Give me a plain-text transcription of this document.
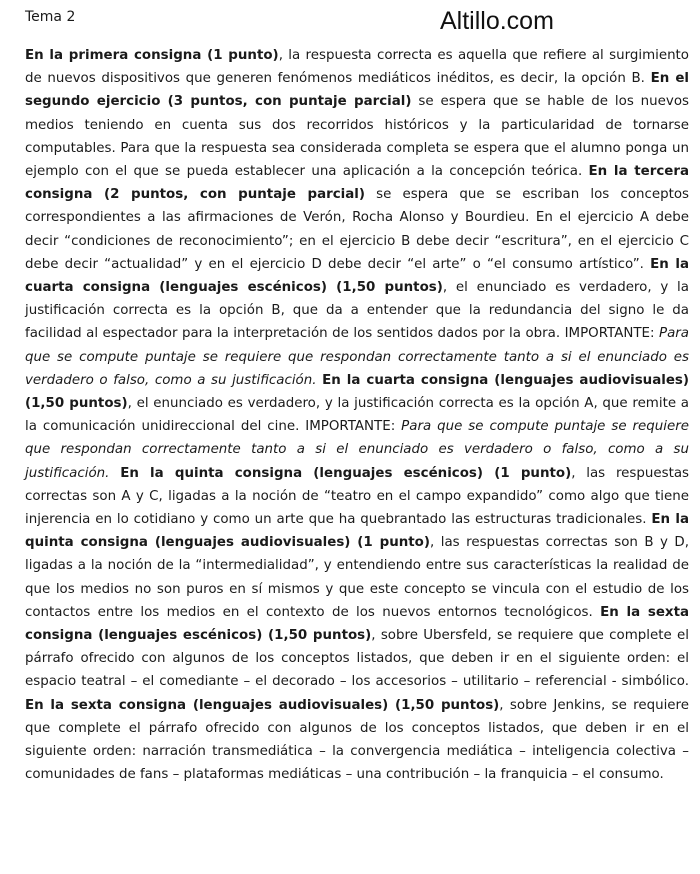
Tema 2	Altillo.com

En la primera consigna (1 punto), la respuesta correcta es aquella que refiere al surgimiento de nuevos dispositivos que generen fenómenos mediáticos inéditos, es decir, la opción B. En el segundo ejercicio (3 puntos, con puntaje parcial) se espera que se hable de los nuevos medios teniendo en cuenta sus dos recorridos históricos y la particularidad de tornarse computables. Para que la respuesta sea considerada completa se espera que el alumno ponga un ejemplo con el que se pueda establecer una aplicación a la concepción teórica. En la tercera consigna (2 puntos, con puntaje parcial) se espera que se escriban los conceptos correspondientes a las afirmaciones de Verón, Rocha Alonso y Bourdieu. En el ejercicio A debe decir “condiciones de reconocimiento”; en el ejercicio B debe decir “escritura”, en el ejercicio C debe decir “actualidad” y en el ejercicio D debe decir “el arte” o “el consumo artístico”. En la cuarta consigna (lenguajes escénicos) (1,50 puntos), el enunciado es verdadero, y la justificación correcta es la opción B, que da a entender que la redundancia del signo le da facilidad al espectador para la interpretación de los sentidos dados por la obra. IMPORTANTE: Para que se compute puntaje se requiere que respondan correctamente tanto a si el enunciado es verdadero o falso, como a su justificación. En la cuarta consigna (lenguajes audiovisuales) (1,50 puntos), el enunciado es verdadero, y la justificación correcta es la opción A, que remite a la comunicación unidireccional del cine. IMPORTANTE: Para que se compute puntaje se requiere que respondan correctamente tanto a si el enunciado es verdadero o falso, como a su justificación. En la quinta consigna (lenguajes escénicos) (1 punto), las respuestas correctas son A y C, ligadas a la noción de “teatro en el campo expandido” como algo que tiene injerencia en lo cotidiano y como un arte que ha quebrantado las estructuras tradicionales. En la quinta consigna (lenguajes audiovisuales) (1 punto), las respuestas correctas son B y D, ligadas a la noción de la “intermedialidad”, y entendiendo entre sus características la realidad de que los medios no son puros en sí mismos y que este concepto se vincula con el estudio de los contactos entre los medios en el contexto de los nuevos entornos tecnológicos. En la sexta consigna (lenguajes escénicos) (1,50 puntos), sobre Ubersfeld, se requiere que complete el párrafo ofrecido con algunos de los conceptos listados, que deben ir en el siguiente orden: el espacio teatral – el comediante – el decorado – los accesorios – utilitario – referencial - simbólico. En la sexta consigna (lenguajes audiovisuales) (1,50 puntos), sobre Jenkins, se requiere que complete el párrafo ofrecido con algunos de los conceptos listados, que deben ir en el siguiente orden: narración transmediática – la convergencia mediática – inteligencia colectiva – comunidades de fans – plataformas mediáticas – una contribución – la franquicia – el consumo.
